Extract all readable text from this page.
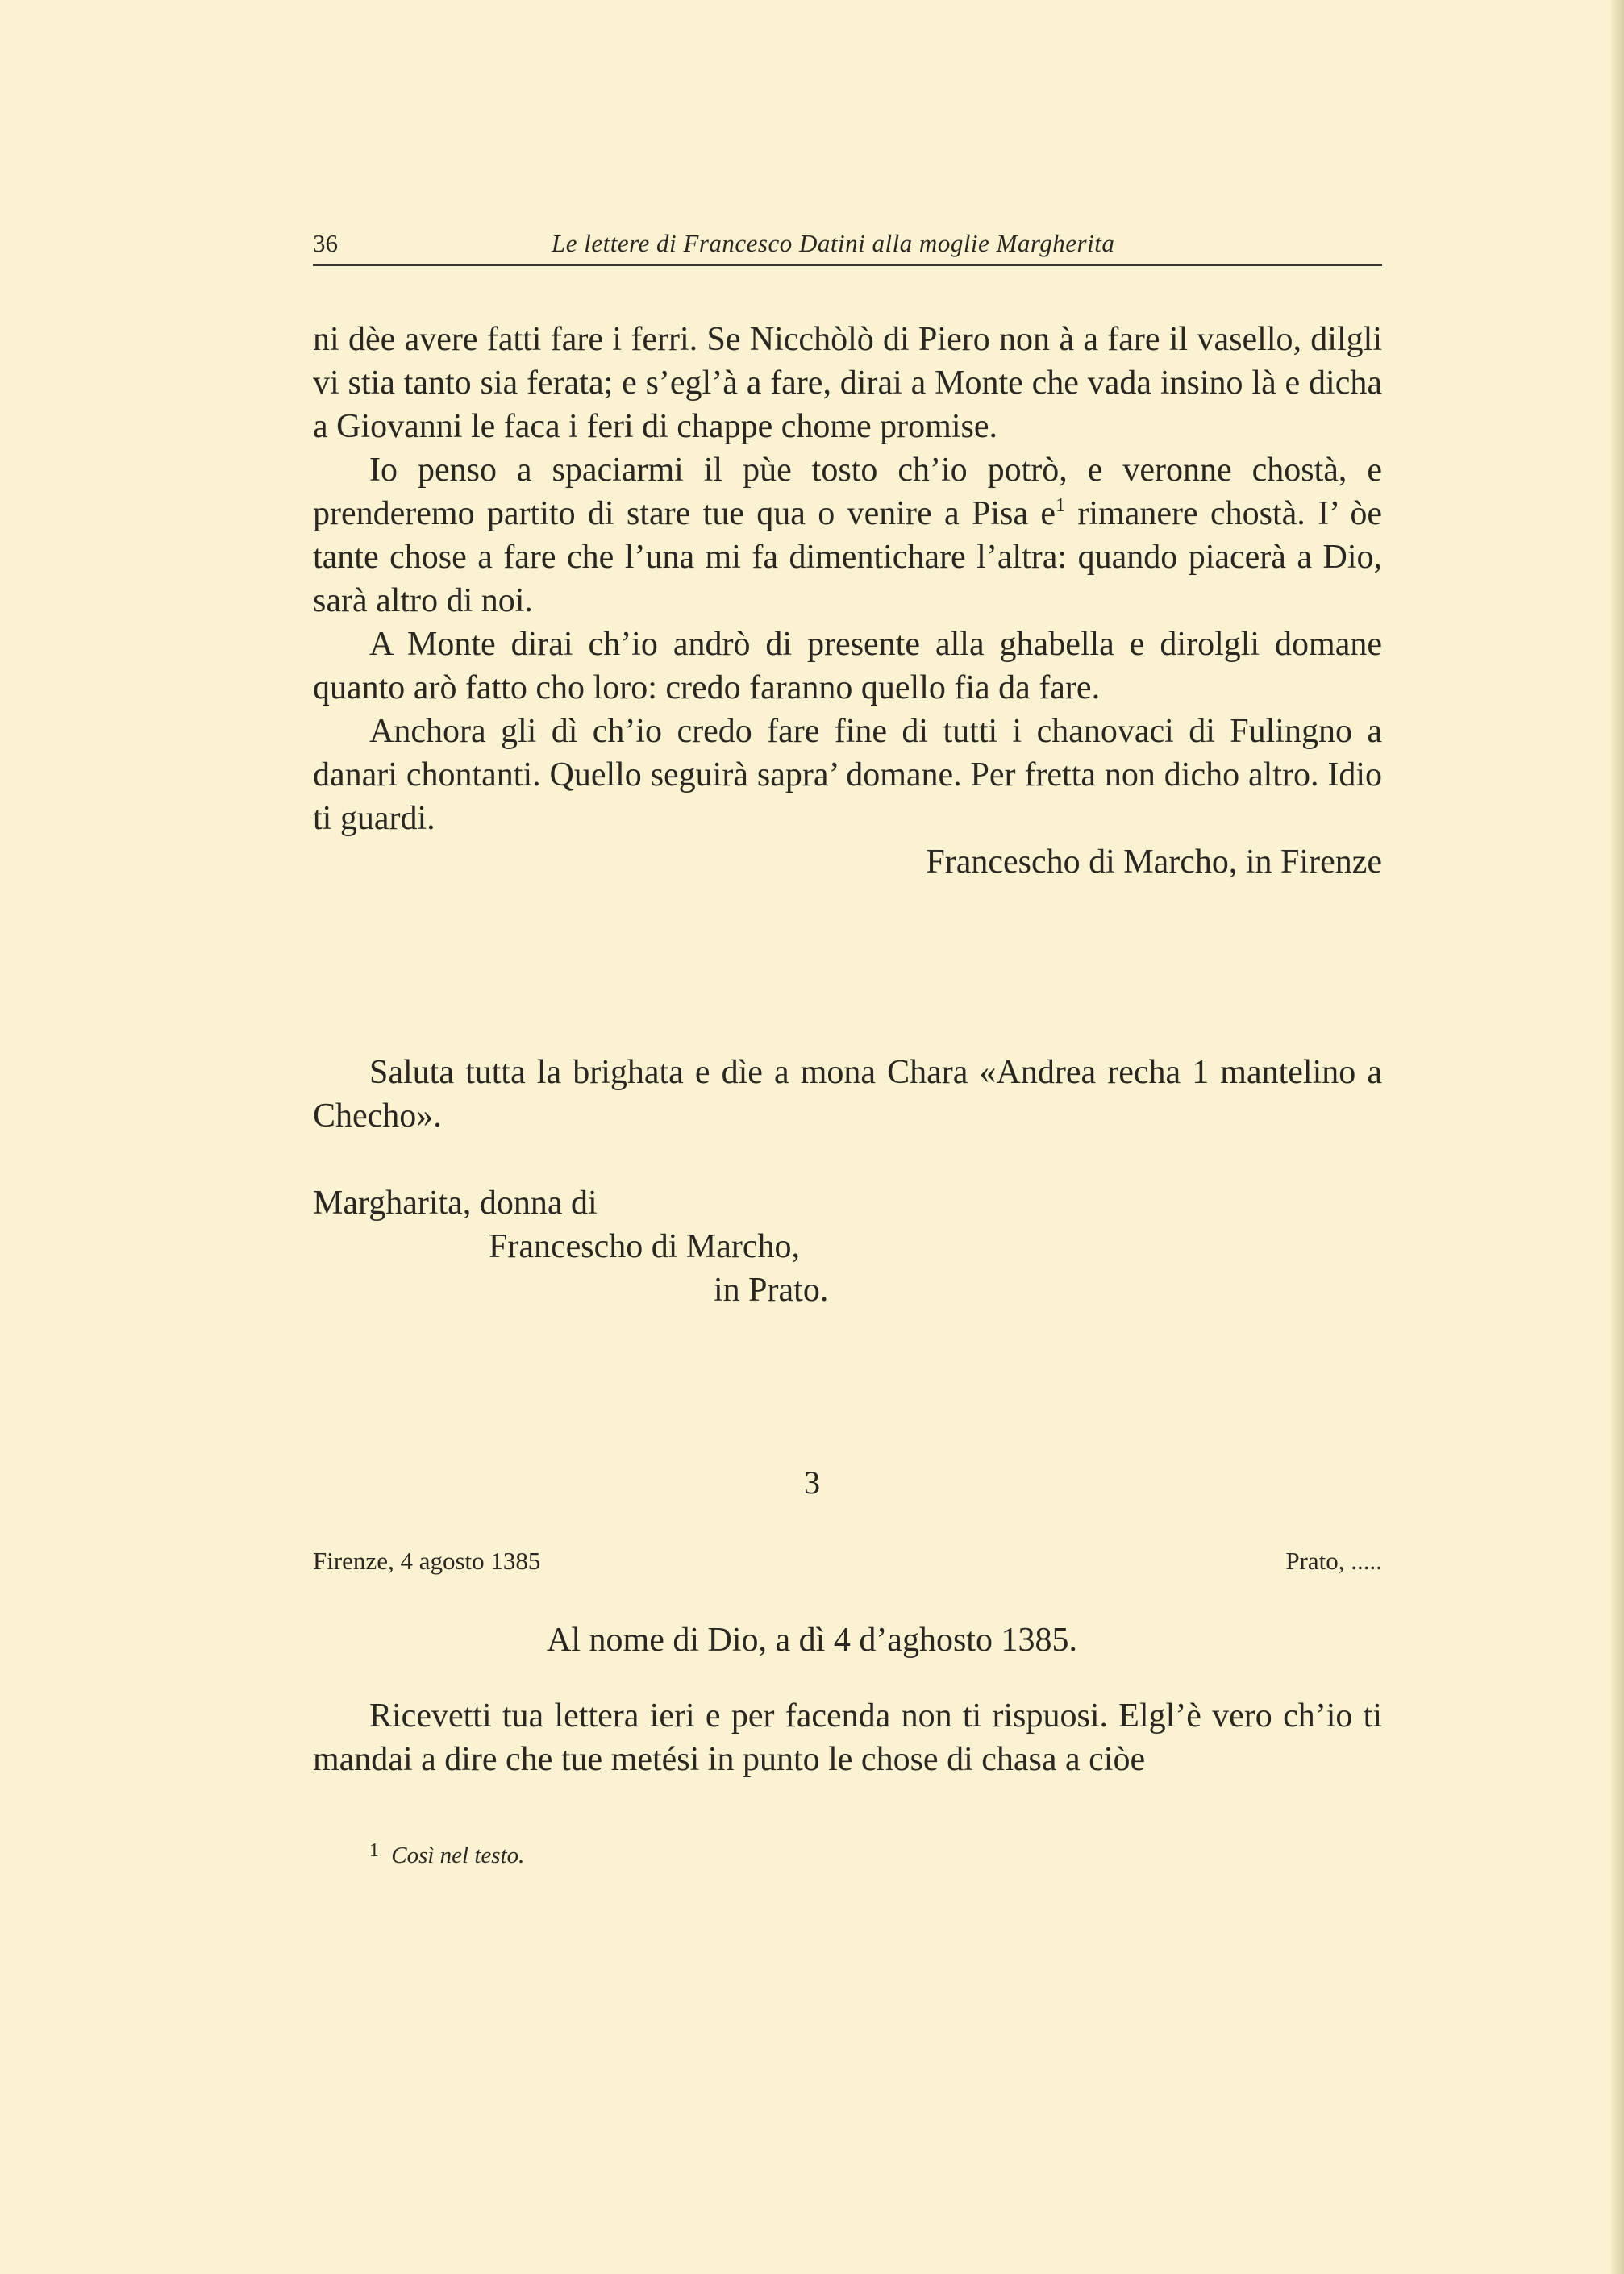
36	Le lettere di Francesco Datini alla moglie Margherita

ni dèe avere fatti fare i ferri. Se Nicchòlò di Piero non à a fare il vasello, dilgli vi stia tanto sia ferata; e s’egl’à a fare, dirai a Monte che vada insino là e dicha a Giovanni le faca i feri di chappe chome promise.

Io penso a spaciarmi il pùe tosto ch’io potrò, e veronne chostà, e prenderemo partito di stare tue qua o venire a Pisa $e^1$ rimanere chostà. I’ òe tante chose a fare che l’una mi fa dimentichare l’altra: quando piacerà a Dio, sarà altro di noi.

A Monte dirai ch’io andrò di presente alla ghabella e dirolgli domane quanto arò fatto cho loro: credo faranno quello fia da fare.

Anchora gli dì ch’io credo fare fine di tutti i chanovaci di Fulingno a danari chontanti. Quello seguirà sapra’ domane. Per fretta non dicho altro. Idio ti guardi.

Francescho di Marcho, in Firenze

Saluta tutta la brighata e dìe a mona Chara «Andrea recha 1 mantelino a Checho».

Margharita, donna di
Francescho di Marcho,
in Prato.
3
Firenze, 4 agosto 1385	Prato, .....
Al nome di Dio, a dì 4 d’aghosto 1385.

Ricevetti tua lettera ieri e per facenda non ti rispuosi. Elgl’è vero ch’io ti mandai a dire che tue metési in punto le chose di chasa a ciòe

$^1$ Così nel testo.
